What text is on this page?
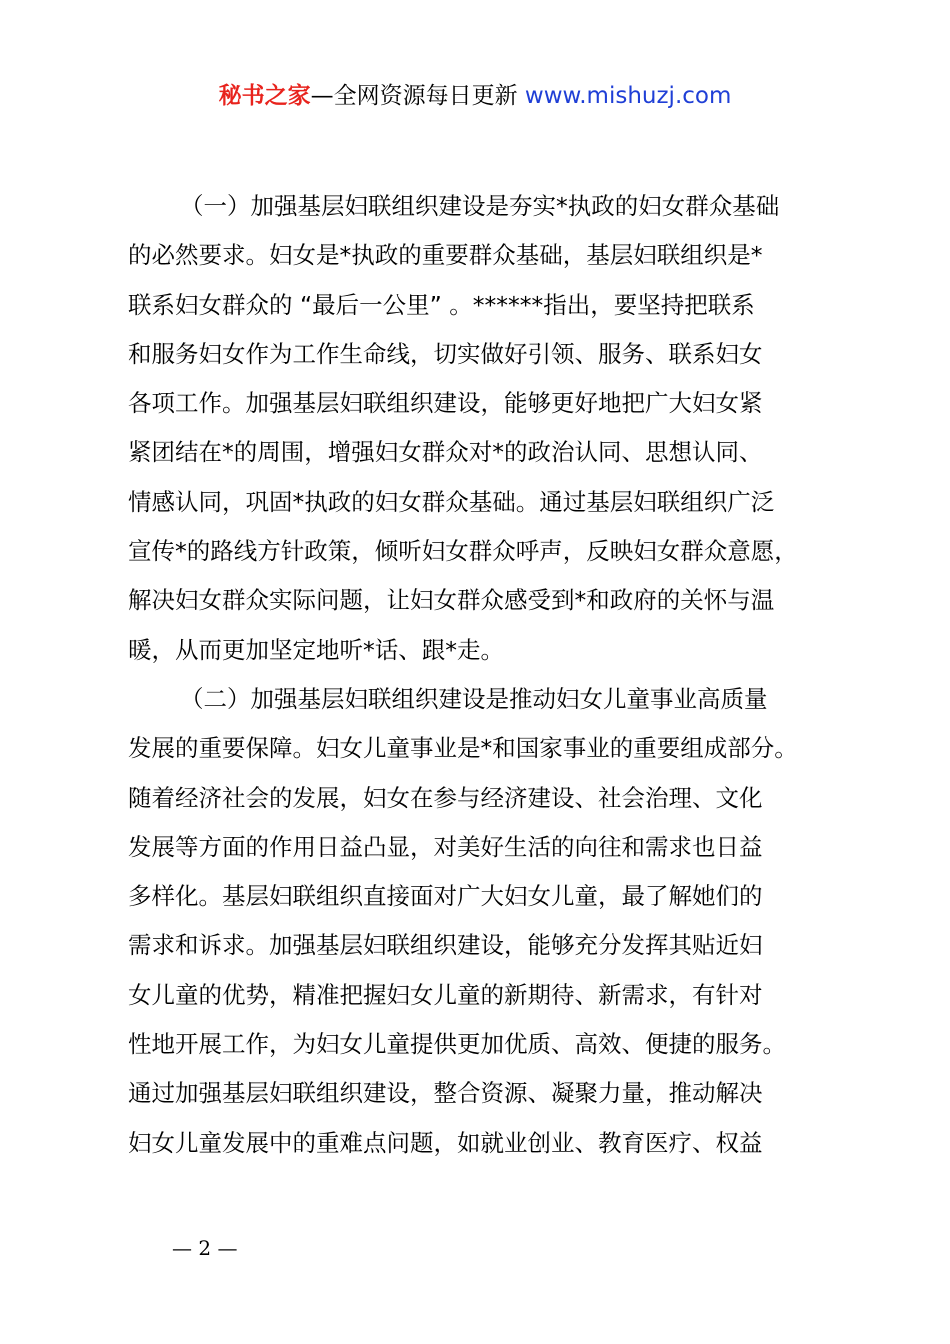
秘书之家—全网资源每日更新 www.mishuzj.com
（一）加强基层妇联组织建设是夯实*执政的妇女群众基础
的必然要求。妇女是*执政的重要群众基础，基层妇联组织是*
联系妇女群众的 “最后一公里” 。******指出，要坚持把联系
和服务妇女作为工作生命线，切实做好引领、服务、联系妇女
各项工作。加强基层妇联组织建设，能够更好地把广大妇女紧
紧团结在*的周围，增强妇女群众对*的政治认同、思想认同、
情感认同，巩固*执政的妇女群众基础。通过基层妇联组织广泛
宣传*的路线方针政策，倾听妇女群众呼声，反映妇女群众意愿，
解决妇女群众实际问题，让妇女群众感受到*和政府的关怀与温
暖，从而更加坚定地听*话、跟*走。
（二）加强基层妇联组织建设是推动妇女儿童事业高质量
发展的重要保障。妇女儿童事业是*和国家事业的重要组成部分。
随着经济社会的发展，妇女在参与经济建设、社会治理、文化
发展等方面的作用日益凸显，对美好生活的向往和需求也日益
多样化。基层妇联组织直接面对广大妇女儿童，最了解她们的
需求和诉求。加强基层妇联组织建设，能够充分发挥其贴近妇
女儿童的优势，精准把握妇女儿童的新期待、新需求，有针对
性地开展工作，为妇女儿童提供更加优质、高效、便捷的服务。
通过加强基层妇联组织建设，整合资源、凝聚力量，推动解决
妇女儿童发展中的重难点问题，如就业创业、教育医疗、权益
— 2 —
